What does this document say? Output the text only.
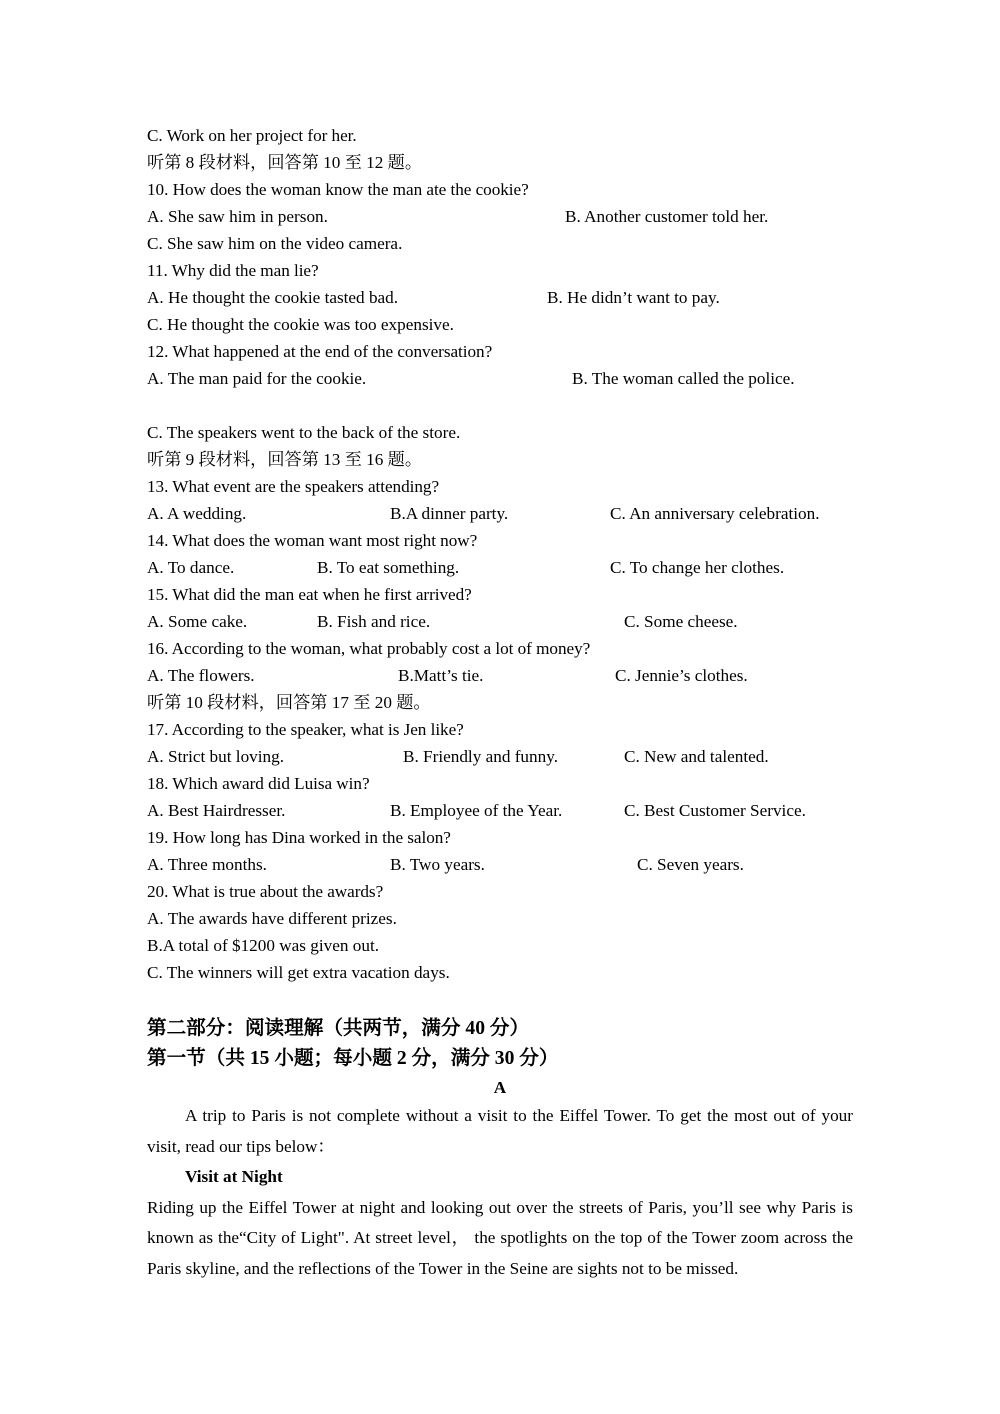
C. Work on her project for her.
听第 8 段材料，回答第 10 至 12 题。
10. How does the woman know the man ate the cookie?

A. She saw him in person.

	B. Another customer told her.

C. She saw him on the video camera.

11. Why did the man lie?

A. He thought the cookie tasted bad.

	B. He didn’t want to pay.

C. He thought the cookie was too expensive.

12. What happened at the end of the conversation?

A. The man paid for the cookie.

	B. The woman called the police.

C. The speakers went to the back of the store.

听第 9 段材料，回答第 13 至 16 题。
13. What event are the speakers attending?

A. A wedding.

	B.A dinner party.

	C. An anniversary celebration.

14. What does the woman want most right now?

A. To dance.

	B. To eat something.

	C. To change her clothes.

15. What did the man eat when he first arrived?

A. Some cake.

	B. Fish and rice.

	C. Some cheese.

16. According to the woman, what probably cost a lot of money?

A. The flowers.

	B.Matt’s tie.

	C. Jennie’s clothes.

听第 10 段材料，回答第 17 至 20 题。
17. According to the speaker, what is Jen like?

A. Strict but loving.

	B. Friendly and funny.

	C. New and talented.

18. Which award did Luisa win?

A. Best Hairdresser.

	B. Employee of the Year.

	C. Best Customer Service.

19. How long has Dina worked in the salon?

A. Three months.

	B. Two years.

	C. Seven years.

20. What is true about the awards?

A. The awards have different prizes.

B.A total of $1200 was given out.

C. The winners will get extra vacation days.

第二部分：阅读理解（共两节，满分 40 分）
第一节（共 15 小题；每小题 2 分，满分 30 分）
A
A trip to Paris is not complete without a visit to the Eiffel Tower. To get the most out of your visit, read our tips below：
Visit at Night
Riding up the Eiffel Tower at night and looking out over the streets of Paris, you’ll see why Paris is known as the“City of Light". At street level， the spotlights on the top of the Tower zoom across the Paris skyline, and the reflections of the Tower in the Seine are sights not to be missed.
